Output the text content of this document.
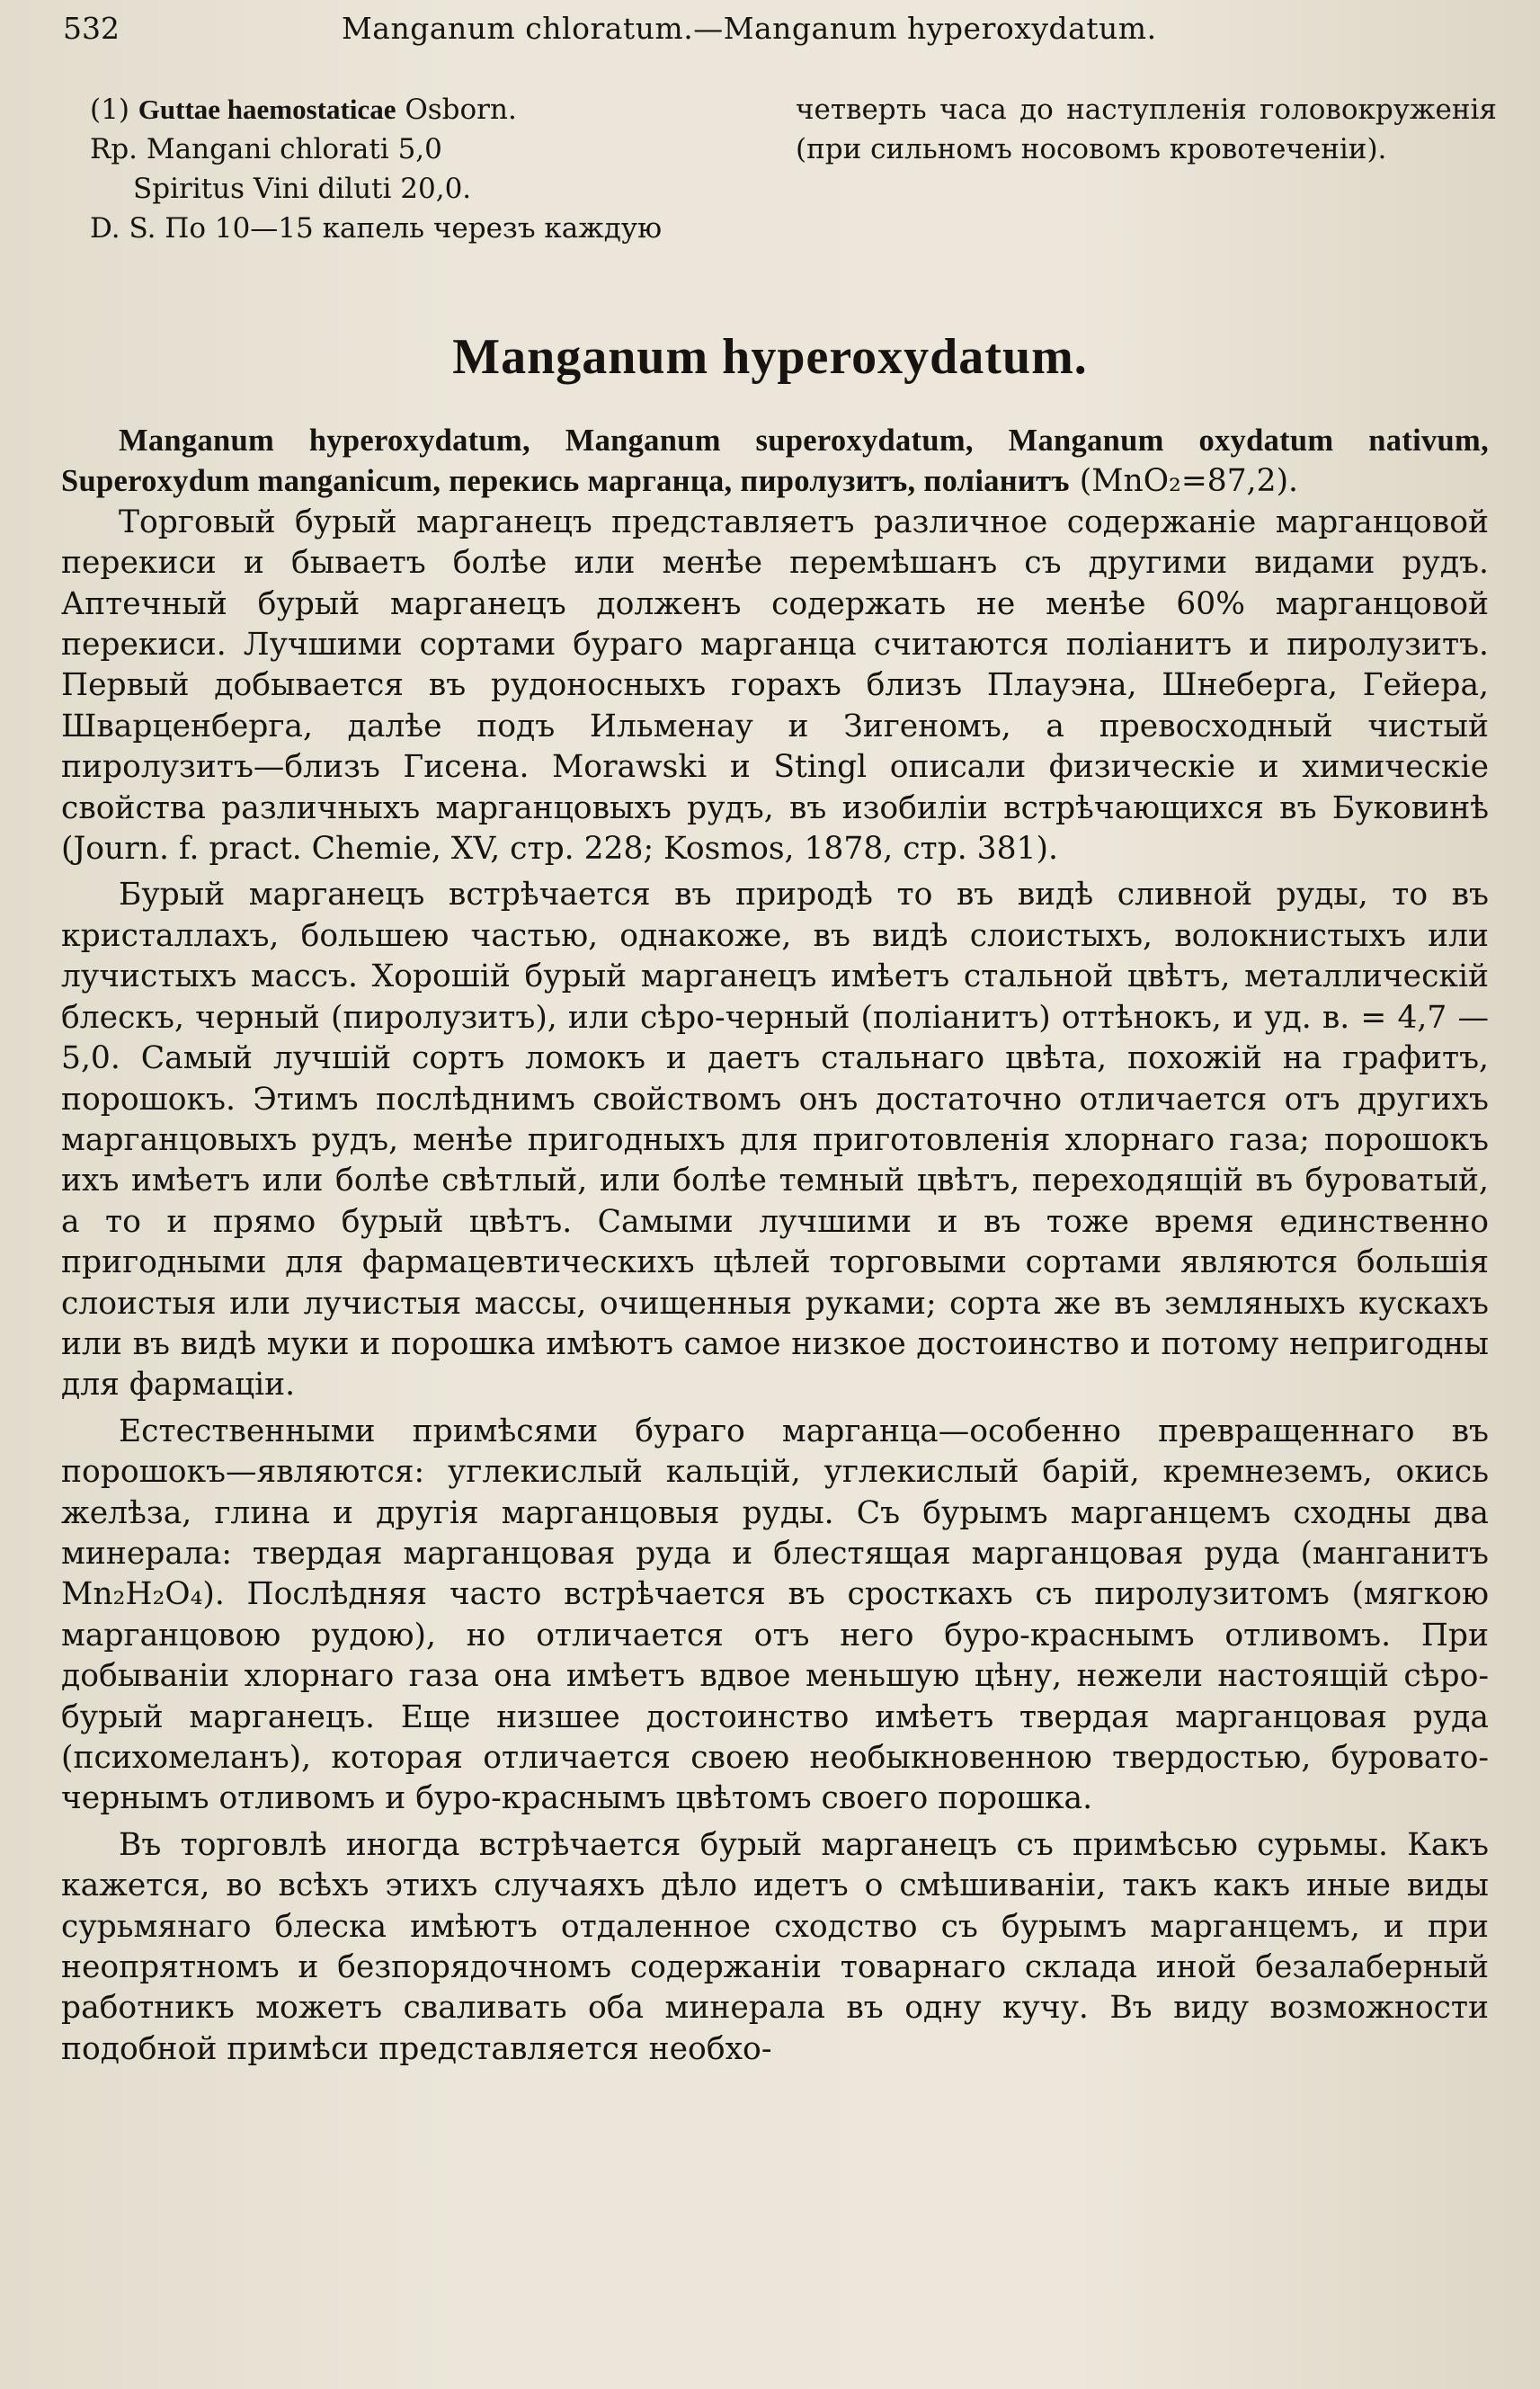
532	Manganum chloratum.—Manganum hyperoxydatum.
(1) Guttae haemostaticae Osborn.
Rp. Mangani chlorati 5,0
Spiritus Vini diluti 20,0.
D. S. По 10—15 капель черезъ каждую
четверть часа до наступленія головокруженія (при сильномъ носовомъ кровотеченіи).
Manganum hyperoxydatum.

Manganum hyperoxydatum, Manganum superoxydatum, Manganum oxydatum nativum, Superoxydum manganicum, перекись марганца, пиролузитъ, поліанитъ (MnO₂=87,2).

Торговый бурый марганецъ представляетъ различное содержаніе марганцовой перекиси и бываетъ болѣе или менѣе перемѣшанъ съ другими видами рудъ. Аптечный бурый марганецъ долженъ содержать не менѣе 60% марганцовой перекиси. Лучшими сортами бураго марганца считаются поліанитъ и пиролузитъ. Первый добывается въ рудоносныхъ горахъ близъ Плауэна, Шнеберга, Гейера, Шварценберга, далѣе подъ Ильменау и Зигеномъ, а превосходный чистый пиролузитъ—близъ Гисена. Morawski и Stingl описали физическіе и химическіе свойства различныхъ марганцовыхъ рудъ, въ изобиліи встрѣчающихся въ Буковинѣ (Journ. f. pract. Chemie, XV, стр. 228; Kosmos, 1878, стр. 381).

Бурый марганецъ встрѣчается въ природѣ то въ видѣ сливной руды, то въ кристаллахъ, большею частью, однакоже, въ видѣ слоистыхъ, волокнистыхъ или лучистыхъ массъ. Хорошій бурый марганецъ имѣетъ стальной цвѣтъ, металлическій блескъ, черный (пиролузитъ), или сѣро-черный (поліанитъ) оттѣнокъ, и уд. в. = 4,7 — 5,0. Самый лучшій сортъ ломокъ и даетъ стальнаго цвѣта, похожій на графитъ, порошокъ. Этимъ послѣднимъ свойствомъ онъ достаточно отличается отъ другихъ марганцовыхъ рудъ, менѣе пригодныхъ для приготовленія хлорнаго газа; порошокъ ихъ имѣетъ или болѣе свѣтлый, или болѣе темный цвѣтъ, переходящій въ буроватый, а то и прямо бурый цвѣтъ. Самыми лучшими и въ тоже время единственно пригодными для фармацевтическихъ цѣлей торговыми сортами являются большія слоистыя или лучистыя массы, очищенныя руками; сорта же въ земляныхъ кускахъ или въ видѣ муки и порошка имѣютъ самое низкое достоинство и потому непригодны для фармаціи.

Естественными примѣсями бураго марганца—особенно превращеннаго въ порошокъ—являются: углекислый кальцій, углекислый барій, кремнеземъ, окись желѣза, глина и другія марганцовыя руды. Съ бурымъ марганцемъ сходны два минерала: твердая марганцовая руда и блестящая марганцовая руда (манганитъ Mn₂H₂O₄). Послѣдняя часто встрѣчается въ сросткахъ съ пиролузитомъ (мягкою марганцовою рудою), но отличается отъ него буро-краснымъ отливомъ. При добываніи хлорнаго газа она имѣетъ вдвое меньшую цѣну, нежели настоящій сѣро-бурый марганецъ. Еще низшее достоинство имѣетъ твердая марганцовая руда (психомеланъ), которая отличается своею необыкновенною твердостью, буровато-чернымъ отливомъ и буро-краснымъ цвѣтомъ своего порошка.

Въ торговлѣ иногда встрѣчается бурый марганецъ съ примѣсью сурьмы. Какъ кажется, во всѣхъ этихъ случаяхъ дѣло идетъ о смѣшиваніи, такъ какъ иные виды сурьмянаго блеска имѣютъ отдаленное сходство съ бурымъ марганцемъ, и при неопрятномъ и безпорядочномъ содержаніи товарнаго склада иной безалаберный работникъ можетъ сваливать оба минерала въ одну кучу. Въ виду возможности подобной примѣси представляется необхо-
